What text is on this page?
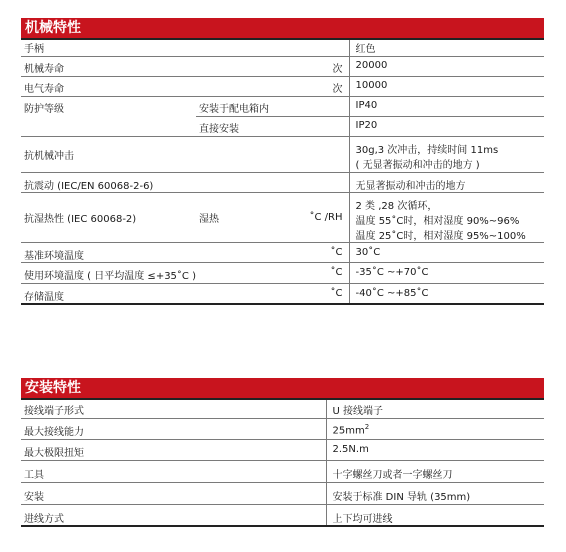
机械特性
手柄			红色
机械寿命		次	20000
电气寿命		次	10000
防护等级	安装于配电箱内		IP40
	直接安装		IP20
抗机械冲击			30g,3 次冲击，持续时间 11ms
( 无显著振动和冲击的地方 )

抗震动 (IEC/EN 60068-2-6)			无显著振动和冲击的地方
抗湿热性 (IEC 60068-2)	湿热	˚C /RH	2 类 ,28 次循环，
温度 55˚C时，相对湿度 90%~96%
温度 25˚C时，相对湿度 95%~100%

基准环境温度		˚C	30˚C
使用环境温度 ( 日平均温度 ≤+35˚C )		˚C	-35˚C ~+70˚C
存储温度		˚C	-40˚C ~+85˚C
安装特性
接线端子形式	U 接线端子
最大接线能力	$25mm^2$
最大极限扭矩	2.5N.m
工具	十字螺丝刀或者一字螺丝刀
安装	安装于标准 DIN 导轨 (35mm)
进线方式	上下均可进线
